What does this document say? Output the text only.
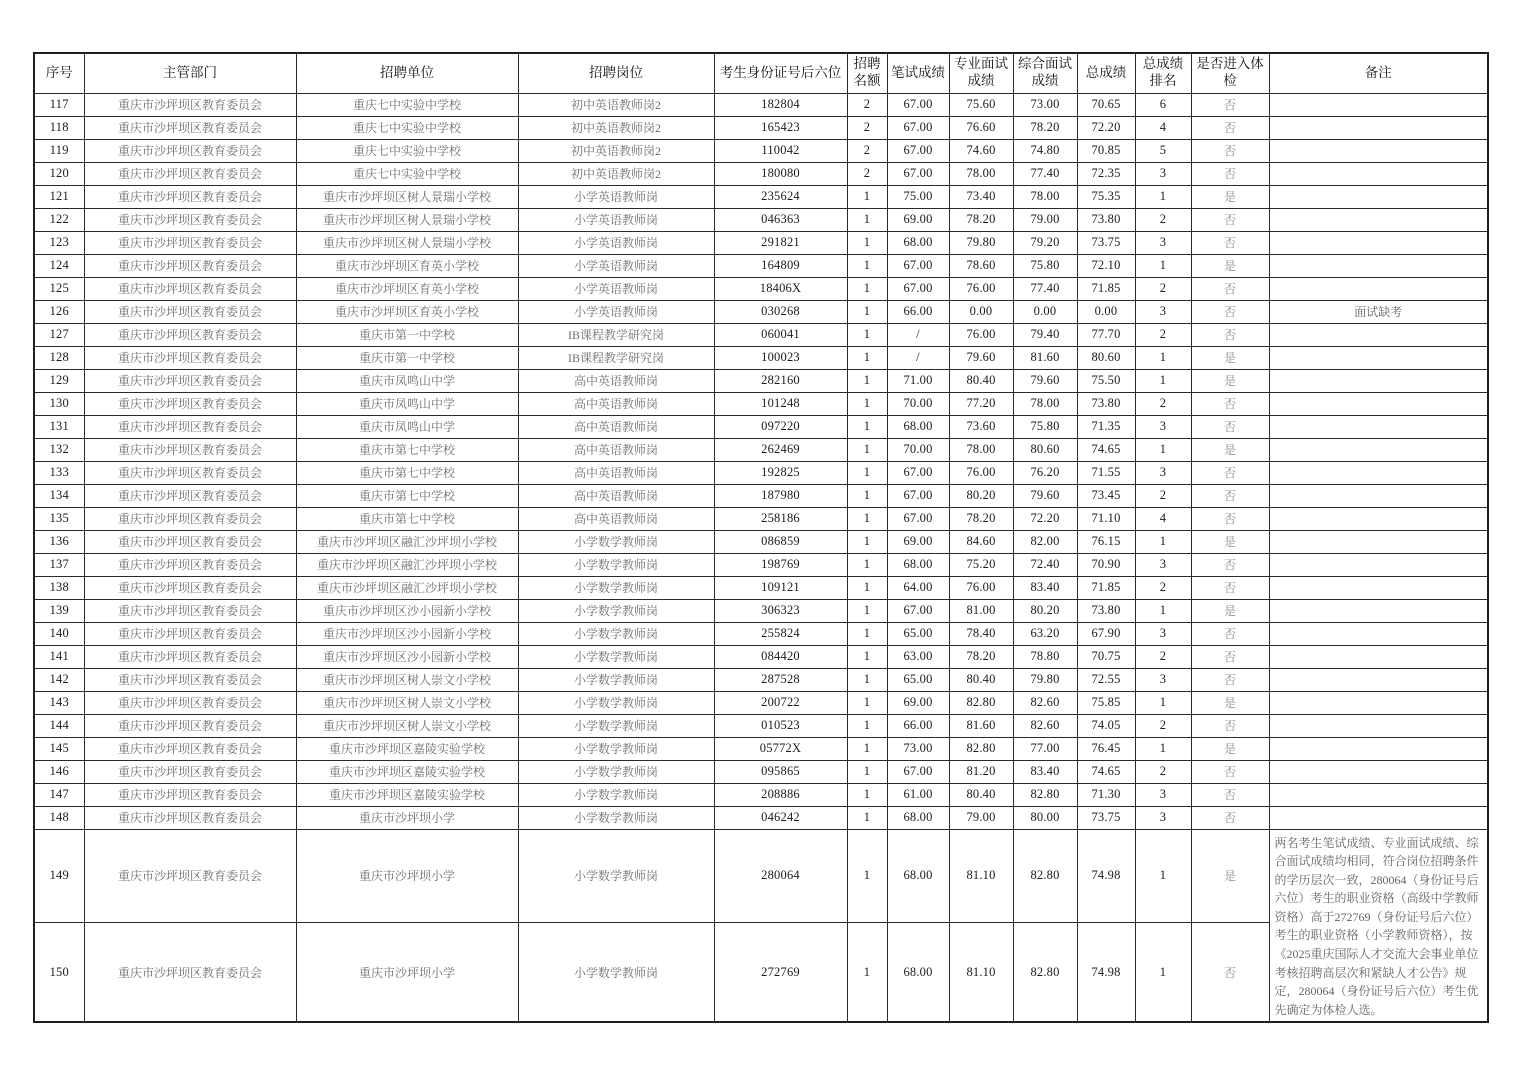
序号	主管部门	招聘单位	招聘岗位	考生身份证号后六位	招聘名额	笔试成绩	专业面试成绩	综合面试成绩	总成绩	总成绩排名	是否进入体检	备注
117	重庆市沙坪坝区教育委员会	重庆七中实验中学校	初中英语教师岗2	182804	2	67.00	75.60	73.00	70.65	6	否	
118	重庆市沙坪坝区教育委员会	重庆七中实验中学校	初中英语教师岗2	165423	2	67.00	76.60	78.20	72.20	4	否	
119	重庆市沙坪坝区教育委员会	重庆七中实验中学校	初中英语教师岗2	110042	2	67.00	74.60	74.80	70.85	5	否	
120	重庆市沙坪坝区教育委员会	重庆七中实验中学校	初中英语教师岗2	180080	2	67.00	78.00	77.40	72.35	3	否	
121	重庆市沙坪坝区教育委员会	重庆市沙坪坝区树人景瑞小学校	小学英语教师岗	235624	1	75.00	73.40	78.00	75.35	1	是	
122	重庆市沙坪坝区教育委员会	重庆市沙坪坝区树人景瑞小学校	小学英语教师岗	046363	1	69.00	78.20	79.00	73.80	2	否	
123	重庆市沙坪坝区教育委员会	重庆市沙坪坝区树人景瑞小学校	小学英语教师岗	291821	1	68.00	79.80	79.20	73.75	3	否	
124	重庆市沙坪坝区教育委员会	重庆市沙坪坝区育英小学校	小学英语教师岗	164809	1	67.00	78.60	75.80	72.10	1	是	
125	重庆市沙坪坝区教育委员会	重庆市沙坪坝区育英小学校	小学英语教师岗	18406X	1	67.00	76.00	77.40	71.85	2	否	
126	重庆市沙坪坝区教育委员会	重庆市沙坪坝区育英小学校	小学英语教师岗	030268	1	66.00	0.00	0.00	0.00	3	否	面试缺考
127	重庆市沙坪坝区教育委员会	重庆市第一中学校	IB课程教学研究岗	060041	1	/	76.00	79.40	77.70	2	否	
128	重庆市沙坪坝区教育委员会	重庆市第一中学校	IB课程教学研究岗	100023	1	/	79.60	81.60	80.60	1	是	
129	重庆市沙坪坝区教育委员会	重庆市凤鸣山中学	高中英语教师岗	282160	1	71.00	80.40	79.60	75.50	1	是	
130	重庆市沙坪坝区教育委员会	重庆市凤鸣山中学	高中英语教师岗	101248	1	70.00	77.20	78.00	73.80	2	否	
131	重庆市沙坪坝区教育委员会	重庆市凤鸣山中学	高中英语教师岗	097220	1	68.00	73.60	75.80	71.35	3	否	
132	重庆市沙坪坝区教育委员会	重庆市第七中学校	高中英语教师岗	262469	1	70.00	78.00	80.60	74.65	1	是	
133	重庆市沙坪坝区教育委员会	重庆市第七中学校	高中英语教师岗	192825	1	67.00	76.00	76.20	71.55	3	否	
134	重庆市沙坪坝区教育委员会	重庆市第七中学校	高中英语教师岗	187980	1	67.00	80.20	79.60	73.45	2	否	
135	重庆市沙坪坝区教育委员会	重庆市第七中学校	高中英语教师岗	258186	1	67.00	78.20	72.20	71.10	4	否	
136	重庆市沙坪坝区教育委员会	重庆市沙坪坝区融汇沙坪坝小学校	小学数学教师岗	086859	1	69.00	84.60	82.00	76.15	1	是	
137	重庆市沙坪坝区教育委员会	重庆市沙坪坝区融汇沙坪坝小学校	小学数学教师岗	198769	1	68.00	75.20	72.40	70.90	3	否	
138	重庆市沙坪坝区教育委员会	重庆市沙坪坝区融汇沙坪坝小学校	小学数学教师岗	109121	1	64.00	76.00	83.40	71.85	2	否	
139	重庆市沙坪坝区教育委员会	重庆市沙坪坝区沙小园新小学校	小学数学教师岗	306323	1	67.00	81.00	80.20	73.80	1	是	
140	重庆市沙坪坝区教育委员会	重庆市沙坪坝区沙小园新小学校	小学数学教师岗	255824	1	65.00	78.40	63.20	67.90	3	否	
141	重庆市沙坪坝区教育委员会	重庆市沙坪坝区沙小园新小学校	小学数学教师岗	084420	1	63.00	78.20	78.80	70.75	2	否	
142	重庆市沙坪坝区教育委员会	重庆市沙坪坝区树人崇文小学校	小学数学教师岗	287528	1	65.00	80.40	79.80	72.55	3	否	
143	重庆市沙坪坝区教育委员会	重庆市沙坪坝区树人崇文小学校	小学数学教师岗	200722	1	69.00	82.80	82.60	75.85	1	是	
144	重庆市沙坪坝区教育委员会	重庆市沙坪坝区树人崇文小学校	小学数学教师岗	010523	1	66.00	81.60	82.60	74.05	2	否	
145	重庆市沙坪坝区教育委员会	重庆市沙坪坝区嘉陵实验学校	小学数学教师岗	05772X	1	73.00	82.80	77.00	76.45	1	是	
146	重庆市沙坪坝区教育委员会	重庆市沙坪坝区嘉陵实验学校	小学数学教师岗	095865	1	67.00	81.20	83.40	74.65	2	否	
147	重庆市沙坪坝区教育委员会	重庆市沙坪坝区嘉陵实验学校	小学数学教师岗	208886	1	61.00	80.40	82.80	71.30	3	否	
148	重庆市沙坪坝区教育委员会	重庆市沙坪坝小学	小学数学教师岗	046242	1	68.00	79.00	80.00	73.75	3	否	
149	重庆市沙坪坝区教育委员会	重庆市沙坪坝小学	小学数学教师岗	280064	1	68.00	81.10	82.80	74.98	1	是	两名考生笔试成绩、专业面试成绩、综合面试成绩均相同，符合岗位招聘条件的学历层次一致，280064（身份证号后六位）考生的职业资格（高级中学教师资格）高于272769（身份证号后六位）考生的职业资格（小学教师资格），按《2025重庆国际人才交流大会事业单位考核招聘高层次和紧缺人才公告》规定，280064（身份证号后六位）考生优先确定为体检人选。
150	重庆市沙坪坝区教育委员会	重庆市沙坪坝小学	小学数学教师岗	272769	1	68.00	81.10	82.80	74.98	1	否	
